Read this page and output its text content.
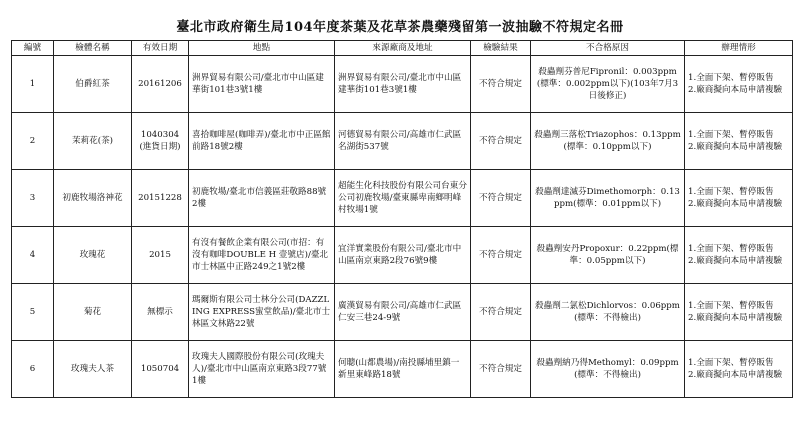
臺北市政府衛生局104年度茶葉及花草茶農藥殘留第一波抽驗不符規定名冊
編號	檢體名稱	有效日期	地點	來源廠商及地址	檢驗結果	不合格原因	辦理情形
1	伯爵紅茶	20161206	洲界貿易有限公司/臺北市中山區建華街101巷3號1樓	洲界貿易有限公司/臺北市中山區建華街101巷3號1樓	不符合規定	殺蟲劑芬普尼Fipronil：0.003ppm(標準：0.002ppm以下)(103年7月3日後修正)	1.全面下架、暫停販售
2.廠商擬向本局申請複驗

2	茉莉花(茶)	1040304(進貨日期)	喜拾咖啡屋(咖啡弄)/臺北市中正區館前路18號2樓	河德貿易有限公司/高雄市仁武區名湖街537號	不符合規定	殺蟲劑三落松Triazophos：0.13ppm(標準：0.10ppm以下)	1.全面下架、暫停販售
2.廠商擬向本局申請複驗

3	初鹿牧場洛神花	20151228	初鹿牧場/臺北市信義區莊敬路88號2樓	超能生化科技股份有限公司台東分公司初鹿牧場/臺東縣卑南鄉明峰村牧場1號	不符合規定	殺蟲劑達滅芬Dimethomorph：0.13ppm(標準：0.01ppm以下)	1.全面下架、暫停販售
2.廠商擬向本局申請複驗

4	玫瑰花	2015	有沒有餐飲企業有限公司(市招：有沒有咖啡DOUBLE H 壹號店)/臺北市士林區中正路249之1號2樓	宜洋實業股份有限公司/臺北市中山區南京東路2段76號9樓	不符合規定	殺蟲劑安丹Propoxur：0.22ppm(標準：0.05ppm以下)	1.全面下架、暫停販售
2.廠商擬向本局申請複驗

5	菊花	無標示	瑪爾斯有限公司士林分公司(DAZZLING EXPRESS蜜堂飲品)/臺北市士林區文林路22號	廣漢貿易有限公司/高雄市仁武區仁安三巷24-9號	不符合規定	殺蟲劑二氯松Dichlorvos：0.06ppm(標準：不得檢出)	1.全面下架、暫停販售
2.廠商擬向本局申請複驗

6	玫瑰夫人茶	1050704	玫瑰夫人國際股份有限公司(玫瑰夫人)/臺北市中山區南京東路3段77號1樓	何聰(山都農場)/南投縣埔里鎮一新里東峰路18號	不符合規定	殺蟲劑納乃得Methomyl：0.09ppm(標準：不得檢出)	1.全面下架、暫停販售
2.廠商擬向本局申請複驗
